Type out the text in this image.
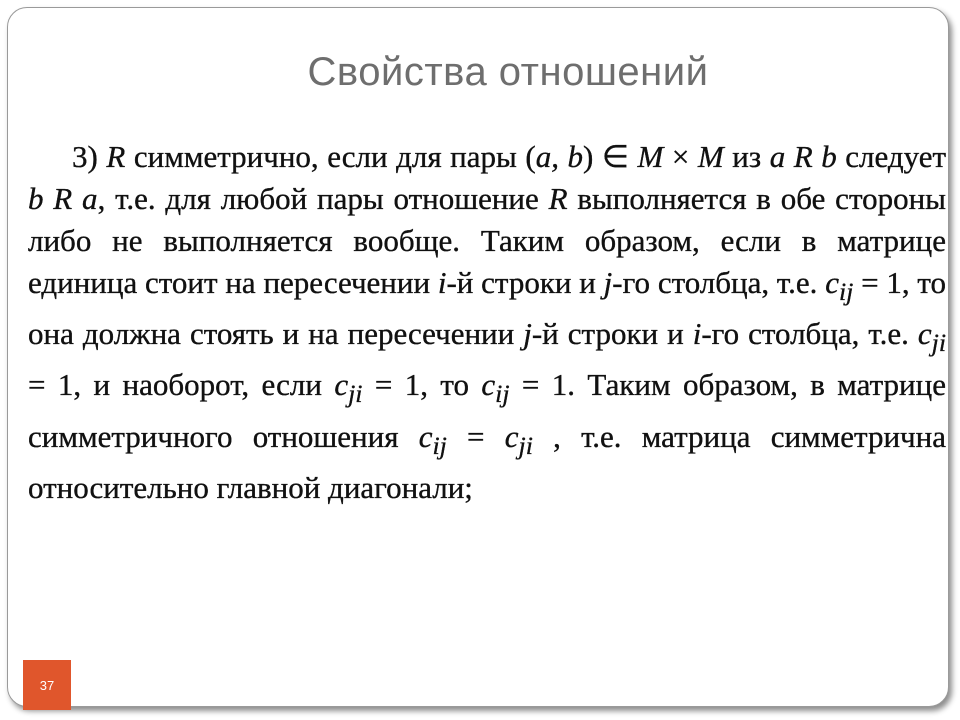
Свойства отношений
3) R симметрично, если для пары (a, b) ∈ M × M из a R b следует b R a, т.е. для любой пары отношение R выполняется в обе стороны либо не выполняется вообще. Таким образом, если в матрице единица стоит на пересечении i-й строки и j-го столбца, т.е. $c_{ij} = 1$, то она должна стоять и на пересечении j-й строки и i-го столбца, т.е. $c_{ji} = 1$, и наоборот, если $c_{ji} = 1$, то $c_{ij} = 1$. Таким образом, в матрице симметричного отношения $c_{ij} = c_{ji}$ , т.е. матрица симметрична относительно главной диагонали;
37
